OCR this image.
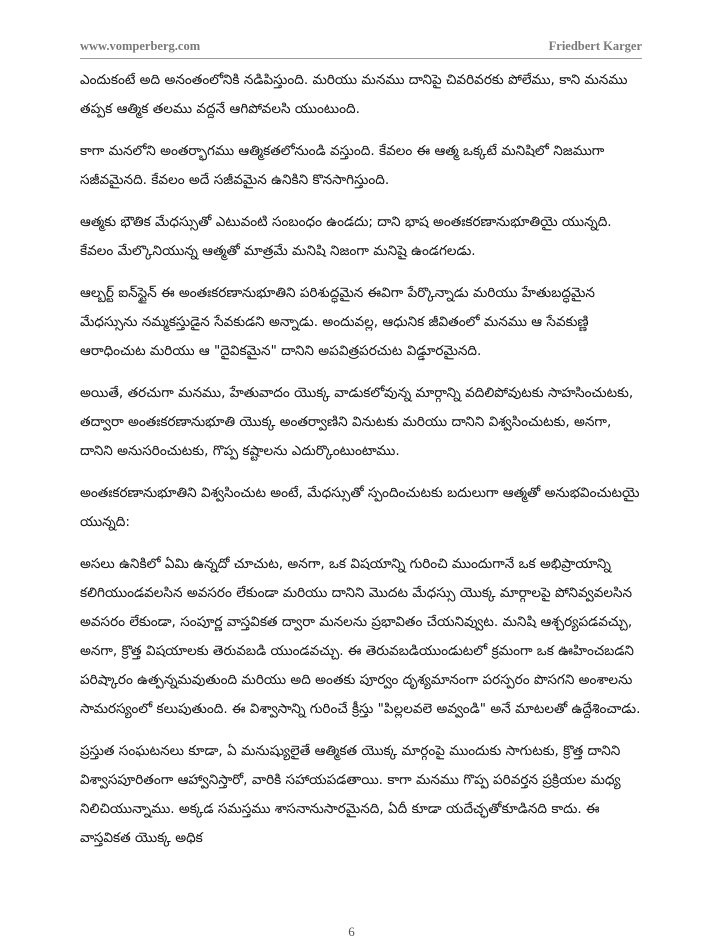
www.vomperberg.com	Friedbert Karger

ఎందుకంటే అది అనంతంలోనికి నడిపిస్తుంది. మరియు మనము దానిపై చివరివరకు పోలేము, కాని మనము తప్పక ఆత్మిక తలము వద్దనే ఆగిపోవలసి యుంటుంది.

కాగా మనలోని అంతర్భాగము ఆత్మికతలోనుండి వస్తుంది. కేవలం ఈ ఆత్మ ఒక్కటే మనిషిలో నిజముగా సజీవమైనది. కేవలం అదే సజీవమైన ఉనికిని కొనసాగిస్తుంది.

ఆత్మకు భౌతిక మేధస్సుతో ఎటువంటి సంబంధం ఉండదు; దాని భాష అంతఃకరణానుభూతియై యున్నది. కేవలం మేల్కొనియున్న ఆత్మతో మాత్రమే మనిషి నిజంగా మనిషై ఉండగలడు.

ఆల్బర్ట్ ఐన్‌స్టైన్ ఈ అంతఃకరణానుభూతిని పరిశుద్ధమైన ఈవిగా పేర్కొన్నాడు మరియు హేతుబద్ధమైన మేధస్సును నమ్మకస్తుడైన సేవకుడని అన్నాడు. అందువల్ల, ఆధునిక జీవితంలో మనము ఆ సేవకుణ్ణి ఆరాధించుట మరియు ఆ "దైవికమైన" దానిని అపవిత్రపరచుట విడ్డూరమైనది.

అయితే, తరచుగా మనము, హేతువాదం యొక్క వాడుకలోవున్న మార్గాన్ని వదిలిపోవుటకు సాహసించుటకు, తద్వారా అంతఃకరణానుభూతి యొక్క అంతర్వాణిని వినుటకు మరియు దానిని విశ్వసించుటకు, అనగా, దానిని అనుసరించుటకు, గొప్ప కష్టాలను ఎదుర్కొంటుంటాము.

అంతఃకరణానుభూతిని విశ్వసించుట అంటే, మేధస్సుతో స్పందించుటకు బదులుగా ఆత్మతో అనుభవించుటయై యున్నది:

అసలు ఉనికిలో ఏమి ఉన్నదో చూచుట, అనగా, ఒక విషయాన్ని గురించి ముందుగానే ఒక అభిప్రాయాన్ని కలిగియుండవలసిన అవసరం లేకుండా మరియు దానిని మొదట మేధస్సు యొక్క మార్గాలపై పోనివ్వవలసిన అవసరం లేకుండా, సంపూర్ణ వాస్తవికత ద్వారా మనలను ప్రభావితం చేయనివ్వుట. మనిషి ఆశ్చర్యపడవచ్చు, అనగా, క్రొత్త విషయాలకు తెరువబడి యుండవచ్చు. ఈ తెరువబడియుండుటలో క్రమంగా ఒక ఊహించబడని పరిష్కారం ఉత్పన్నమవుతుంది మరియు అది అంతకు పూర్వం దృశ్యమానంగా పరస్పరం పొసగని అంశాలను సామరస్యంలో కలుపుతుంది. ఈ విశ్వాసాన్ని గురించే క్రీస్తు "పిల్లలవలె అవ్వండి" అనే మాటలతో ఉద్దేశించాడు.

ప్రస్తుత సంఘటనలు కూడా, ఏ మనుష్యులైతే ఆత్మికత యొక్క మార్గంపై ముందుకు సాగుటకు, క్రొత్త దానిని విశ్వాసపూరితంగా ఆహ్వానిస్తారో, వారికి సహాయపడతాయి. కాగా మనము గొప్ప పరివర్తన ప్రక్రియల మధ్య నిలిచియున్నాము. అక్కడ సమస్తము శాసనానుసారమైనది, ఏదీ కూడా యదేచ్ఛతోకూడినది కాదు. ఈ వాస్తవికత యొక్క అధిక

6
